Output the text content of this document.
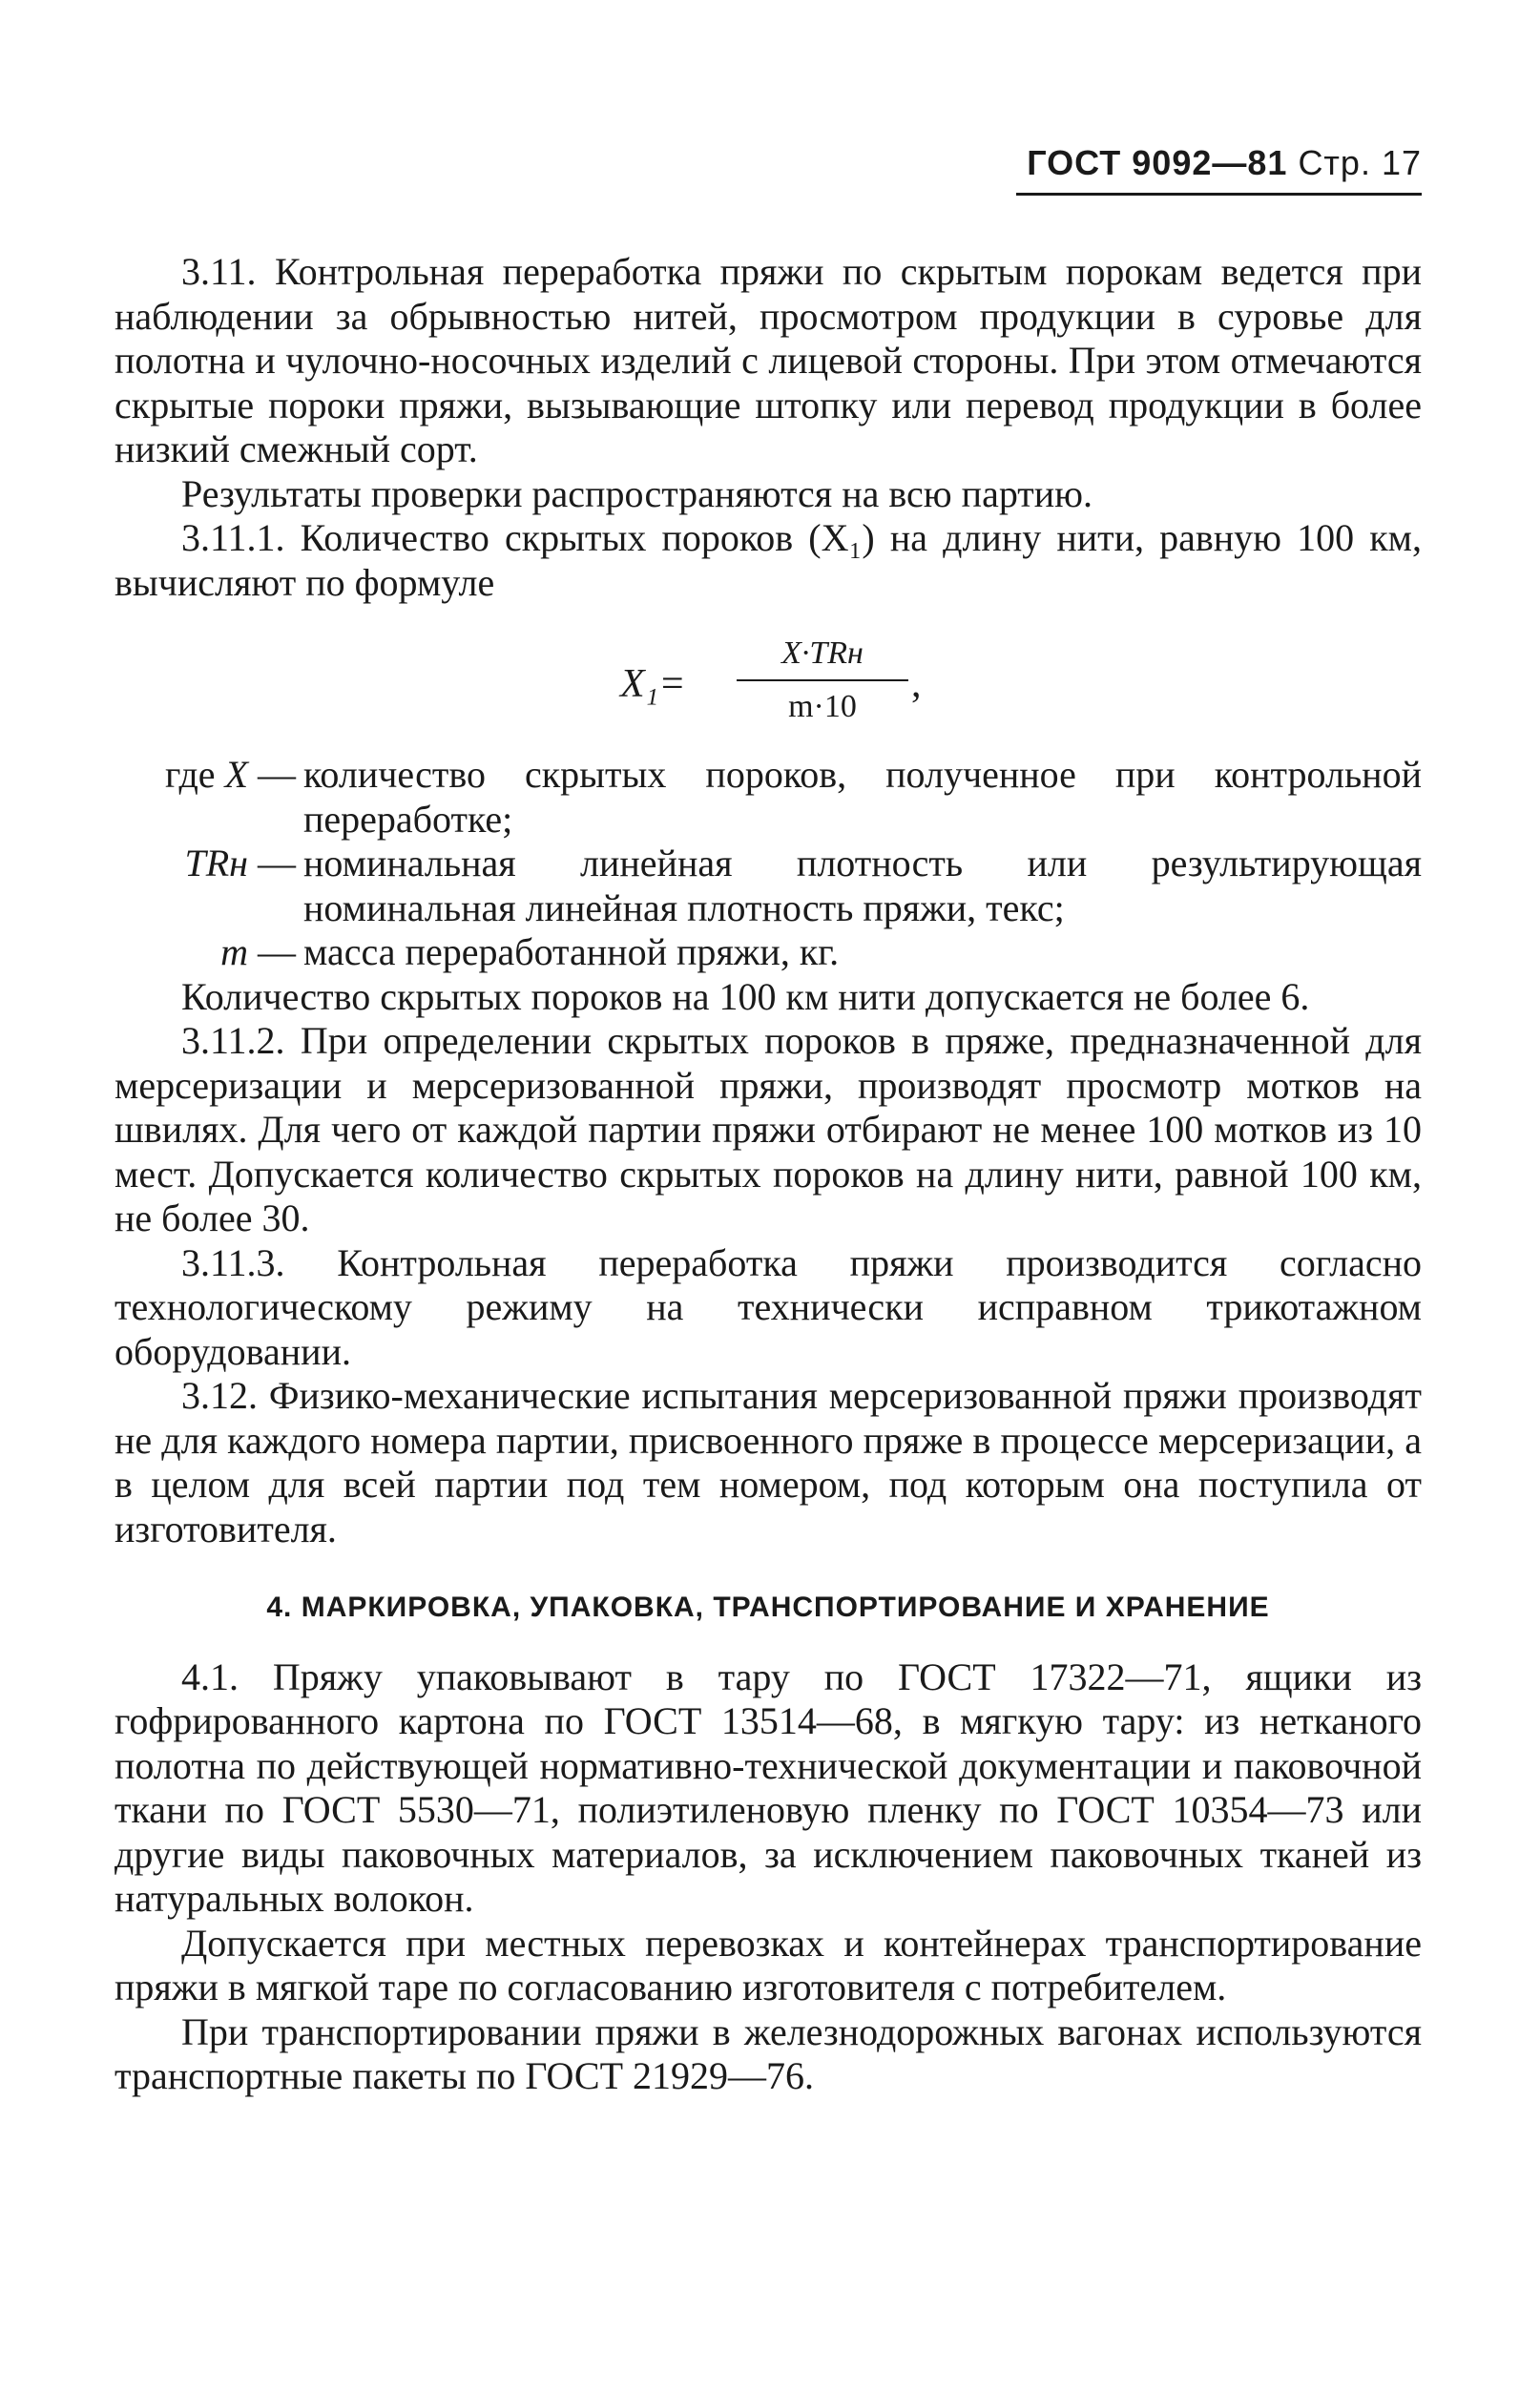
ГОСТ 9092—81 Стр. 17

3.11. Контрольная переработка пряжи по скрытым порокам ведется при наблюдении за обрывностью нитей, просмотром продукции в суровье для полотна и чулочно-носочных изделий с лицевой стороны. При этом отмечаются скрытые пороки пряжи, вызывающие штопку или перевод продукции в более низкий смежный сорт.

Результаты проверки распространяются на всю партию.

3.11.1. Количество скрытых пороков (X₁) на длину нити, равную 100 км, вычисляют по формуле

X₁=
X·TRн
m·10
,
где X —	количество скрытых пороков, полученное при контрольной переработке;
TRн —	номинальная линейная плотность или результирующая номинальная линейная плотность пряжи, текс;
m —	масса переработанной пряжи, кг.

Количество скрытых пороков на 100 км нити допускается не более 6.

3.11.2. При определении скрытых пороков в пряже, предназначенной для мерсеризации и мерсеризованной пряжи, производят просмотр мотков на швилях. Для чего от каждой партии пряжи отбирают не менее 100 мотков из 10 мест. Допускается количество скрытых пороков на длину нити, равной 100 км, не более 30.

3.11.3. Контрольная переработка пряжи производится согласно технологическому режиму на технически исправном трикотажном оборудовании.

3.12. Физико-механические испытания мерсеризованной пряжи производят не для каждого номера партии, присвоенного пряже в процессе мерсеризации, а в целом для всей партии под тем номером, под которым она поступила от изготовителя.

4. МАРКИРОВКА, УПАКОВКА, ТРАНСПОРТИРОВАНИЕ И ХРАНЕНИЕ

4.1. Пряжу упаковывают в тару по ГОСТ 17322—71, ящики из гофрированного картона по ГОСТ 13514—68, в мягкую тару: из нетканого полотна по действующей нормативно-технической документации и паковочной ткани по ГОСТ 5530—71, полиэтиленовую пленку по ГОСТ 10354—73 или другие виды паковочных материалов, за исключением паковочных тканей из натуральных волокон.

Допускается при местных перевозках и контейнерах транспортирование пряжи в мягкой таре по согласованию изготовителя с потребителем.

При транспортировании пряжи в железнодорожных вагонах используются транспортные пакеты по ГОСТ 21929—76.
